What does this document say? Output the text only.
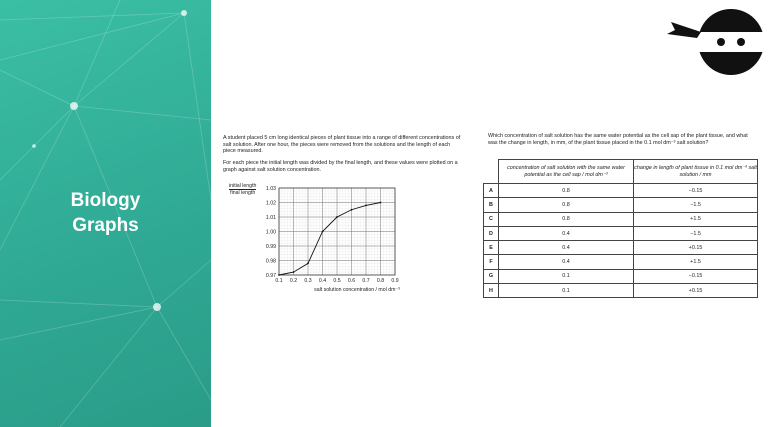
Biology
Graphs
A student placed 5 cm long identical pieces of plant tissue into a range of different concentrations of salt solution. After one hour, the pieces were removed from the solutions and the length of each piece measured.
For each piece the initial length was divided by the final length, and these values were plotted on a graph against salt solution concentration.
initial length
final length
0.1 0.2 0.3 0.4 0.5 0.6 0.7 0.8 0.9
0.97
0.98
0.99
1.00
1.01
1.02
1.03
salt solution concentration / mol dm⁻³
Which concentration of salt solution has the same water potential as the cell sap of the plant tissue, and what was the change in length, in mm, of the plant tissue placed in the 0.1 mol dm⁻³ salt solution?
	concentration of salt solution with the same water potential as the cell sap / mol dm⁻³	change in length of plant tissue in 0.1 mol dm⁻³ salt solution / mm
A	0.8	−0.15
B	0.8	−1.5
C	0.8	+1.5
D	0.4	−1.5
E	0.4	+0.15
F	0.4	+1.5
G	0.1	−0.15
H	0.1	+0.15
